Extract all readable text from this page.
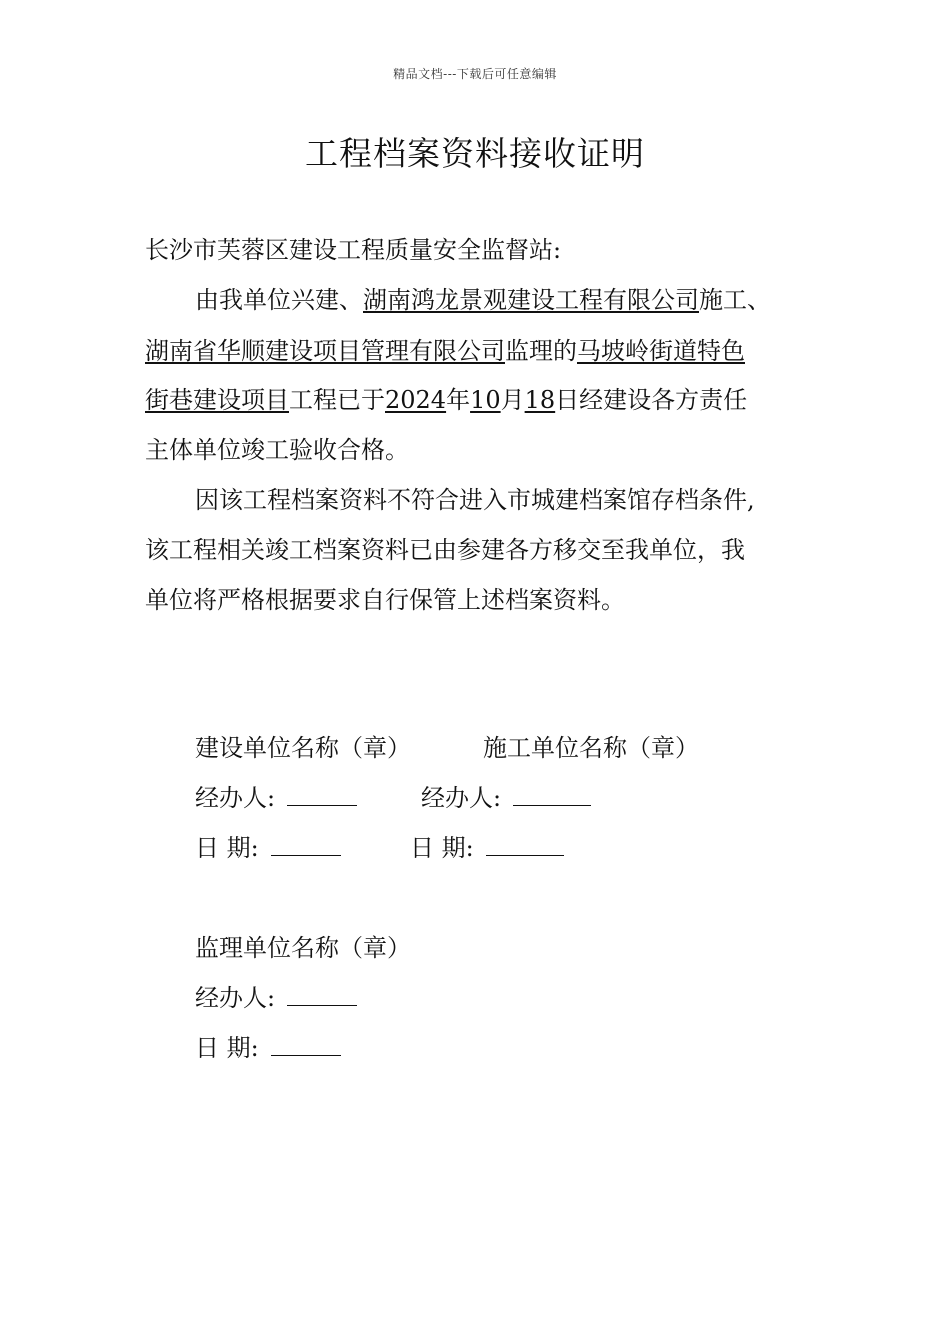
精品文档---下载后可任意编辑
工程档案资料接收证明
长沙市芙蓉区建设工程质量安全监督站:
由我单位兴建、湖南鸿龙景观建设工程有限公司施工、
湖南省华顺建设项目管理有限公司监理的马坡岭街道特色
街巷建设项目工程已于2024年10月18日经建设各方责任
主体单位竣工验收合格。
因该工程档案资料不符合进入市城建档案馆存档条件,
该工程相关竣工档案资料已由参建各方移交至我单位，我
单位将严格根据要求自行保管上述档案资料。
建设单位名称（章）	施工单位名称（章）
经办人:	经办人:
日 期:	日 期:
监理单位名称（章）
经办人:
日 期:
